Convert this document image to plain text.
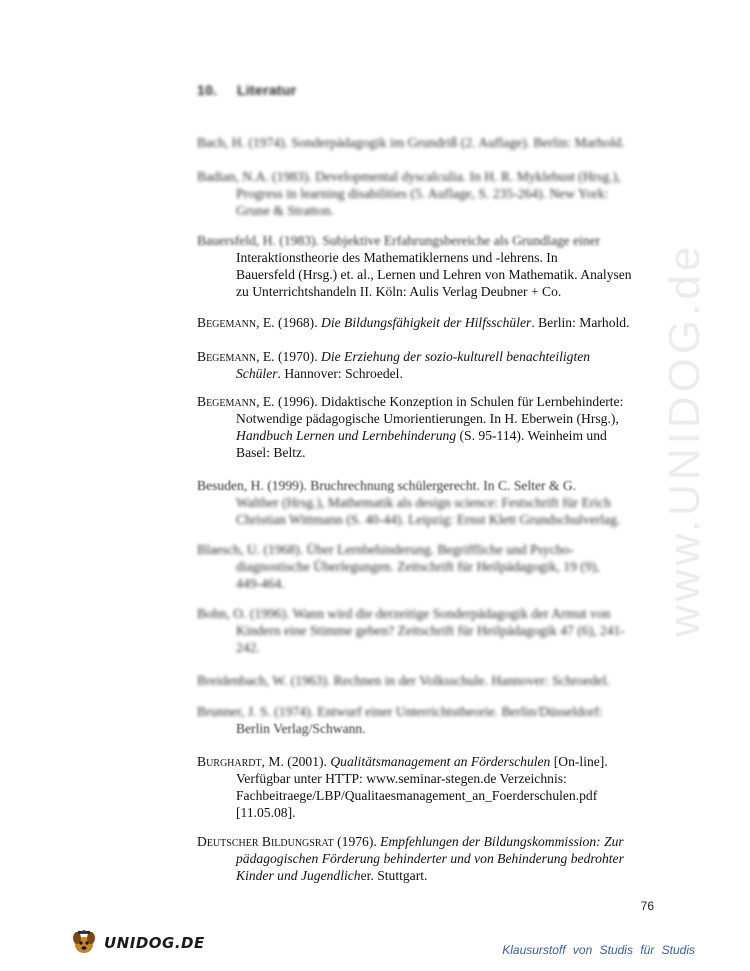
10. Literatur
Bach, H. (1974). Sonderpädagogik im Grundriß (2. Auflage). Berlin: Marhold.
Badian, N.A. (1983). Developmental dyscalculia. In H. R. Myklebust (Hrsg.),
Progress in learning disabilities (5. Auflage, S. 235-264). New York:
Grune & Stratton.
Bauersfeld, H. (1983). Subjektive Erfahrungsbereiche als Grundlage einer
Interaktionstheorie des Mathematiklernens und -lehrens. In
Bauersfeld (Hrsg.) et. al., Lernen und Lehren von Mathematik. Analysen
zu Unterrichtshandeln II. Köln: Aulis Verlag Deubner + Co.
Begemann, E. (1968). Die Bildungsfähigkeit der Hilfsschüler. Berlin: Marhold.
Begemann, E. (1970). Die Erziehung der sozio-kulturell benachteiligten
Schüler. Hannover: Schroedel.
Begemann, E. (1996). Didaktische Konzeption in Schulen für Lernbehinderte:
Notwendige pädagogische Umorientierungen. In H. Eberwein (Hrsg.),
Handbuch Lernen und Lernbehinderung (S. 95-114). Weinheim und
Basel: Beltz.
Besuden, H. (1999). Bruchrechnung schülergerecht. In C. Selter & G.
Walther (Hrsg.), Mathematik als design science: Festschrift für Erich
Christian Wittmann (S. 40-44). Leipzig: Ernst Klett Grundschulverlag.
Blaesch, U. (1968). Über Lernbehinderung. Begriffliche und Psycho-
diagnostische Überlegungen. Zeitschrift für Heilpädagogik, 19 (9),
449-464.
Bohn, O. (1996). Wann wird die derzeitige Sonderpädagogik der Armut von
Kindern eine Stimme geben? Zeitschrift für Heilpädagogik 47 (6), 241-
242.
Breidenbach, W. (1963). Rechnen in der Volksschule. Hannover: Schroedel.
Brunner, J. S. (1974). Entwurf einer Unterrichtstheorie. Berlin/Düsseldorf:
Berlin Verlag/Schwann.
Burghardt, M. (2001). Qualitätsmanagement an Förderschulen [On-line].
Verfügbar unter HTTP: www.seminar-stegen.de Verzeichnis:
Fachbeitraege/LBP/Qualitaesmanagement_an_Foerderschulen.pdf
[11.05.08].
Deutscher Bildungsrat (1976). Empfehlungen der Bildungskommission: Zur
pädagogischen Förderung behinderter und von Behinderung bedrohter
Kinder und Jugendlicher. Stuttgart.
www.UNIDOG.de
76
UNIDOG.DE	Klausurstoff von Studis für Studis
